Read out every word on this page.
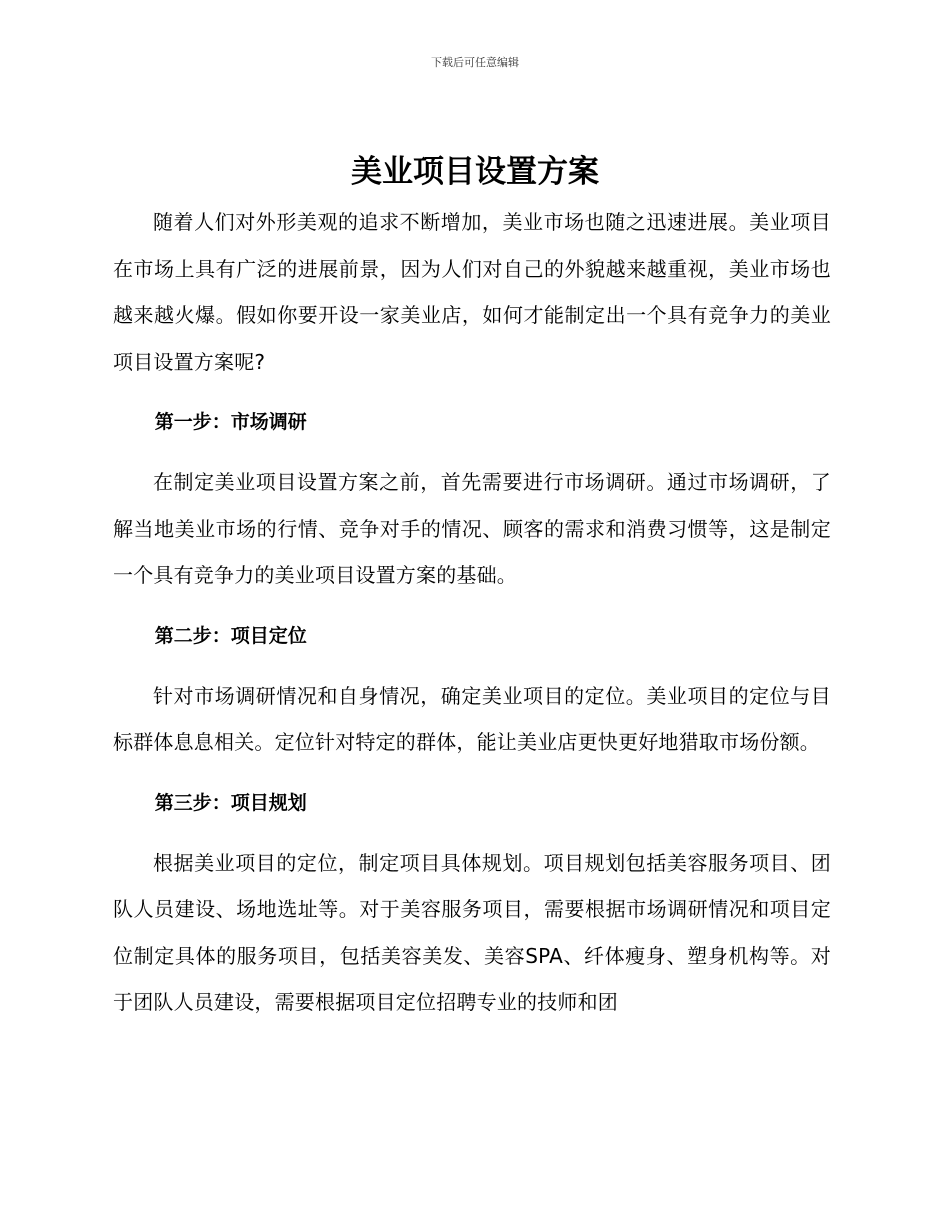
下载后可任意编辑
美业项目设置方案

随着人们对外形美观的追求不断增加，美业市场也随之迅速进展。美业项目在市场上具有广泛的进展前景，因为人们对自己的外貌越来越重视，美业市场也越来越火爆。假如你要开设一家美业店，如何才能制定出一个具有竞争力的美业项目设置方案呢?

第一步：市场调研

在制定美业项目设置方案之前，首先需要进行市场调研。通过市场调研，了解当地美业市场的行情、竞争对手的情况、顾客的需求和消费习惯等，这是制定一个具有竞争力的美业项目设置方案的基础。

第二步：项目定位

针对市场调研情况和自身情况，确定美业项目的定位。美业项目的定位与目标群体息息相关。定位针对特定的群体，能让美业店更快更好地猎取市场份额。

第三步：项目规划

根据美业项目的定位，制定项目具体规划。项目规划包括美容服务项目、团队人员建设、场地选址等。对于美容服务项目，需要根据市场调研情况和项目定位制定具体的服务项目，包括美容美发、美容SPA、纤体瘦身、塑身机构等。对于团队人员建设，需要根据项目定位招聘专业的技师和团
